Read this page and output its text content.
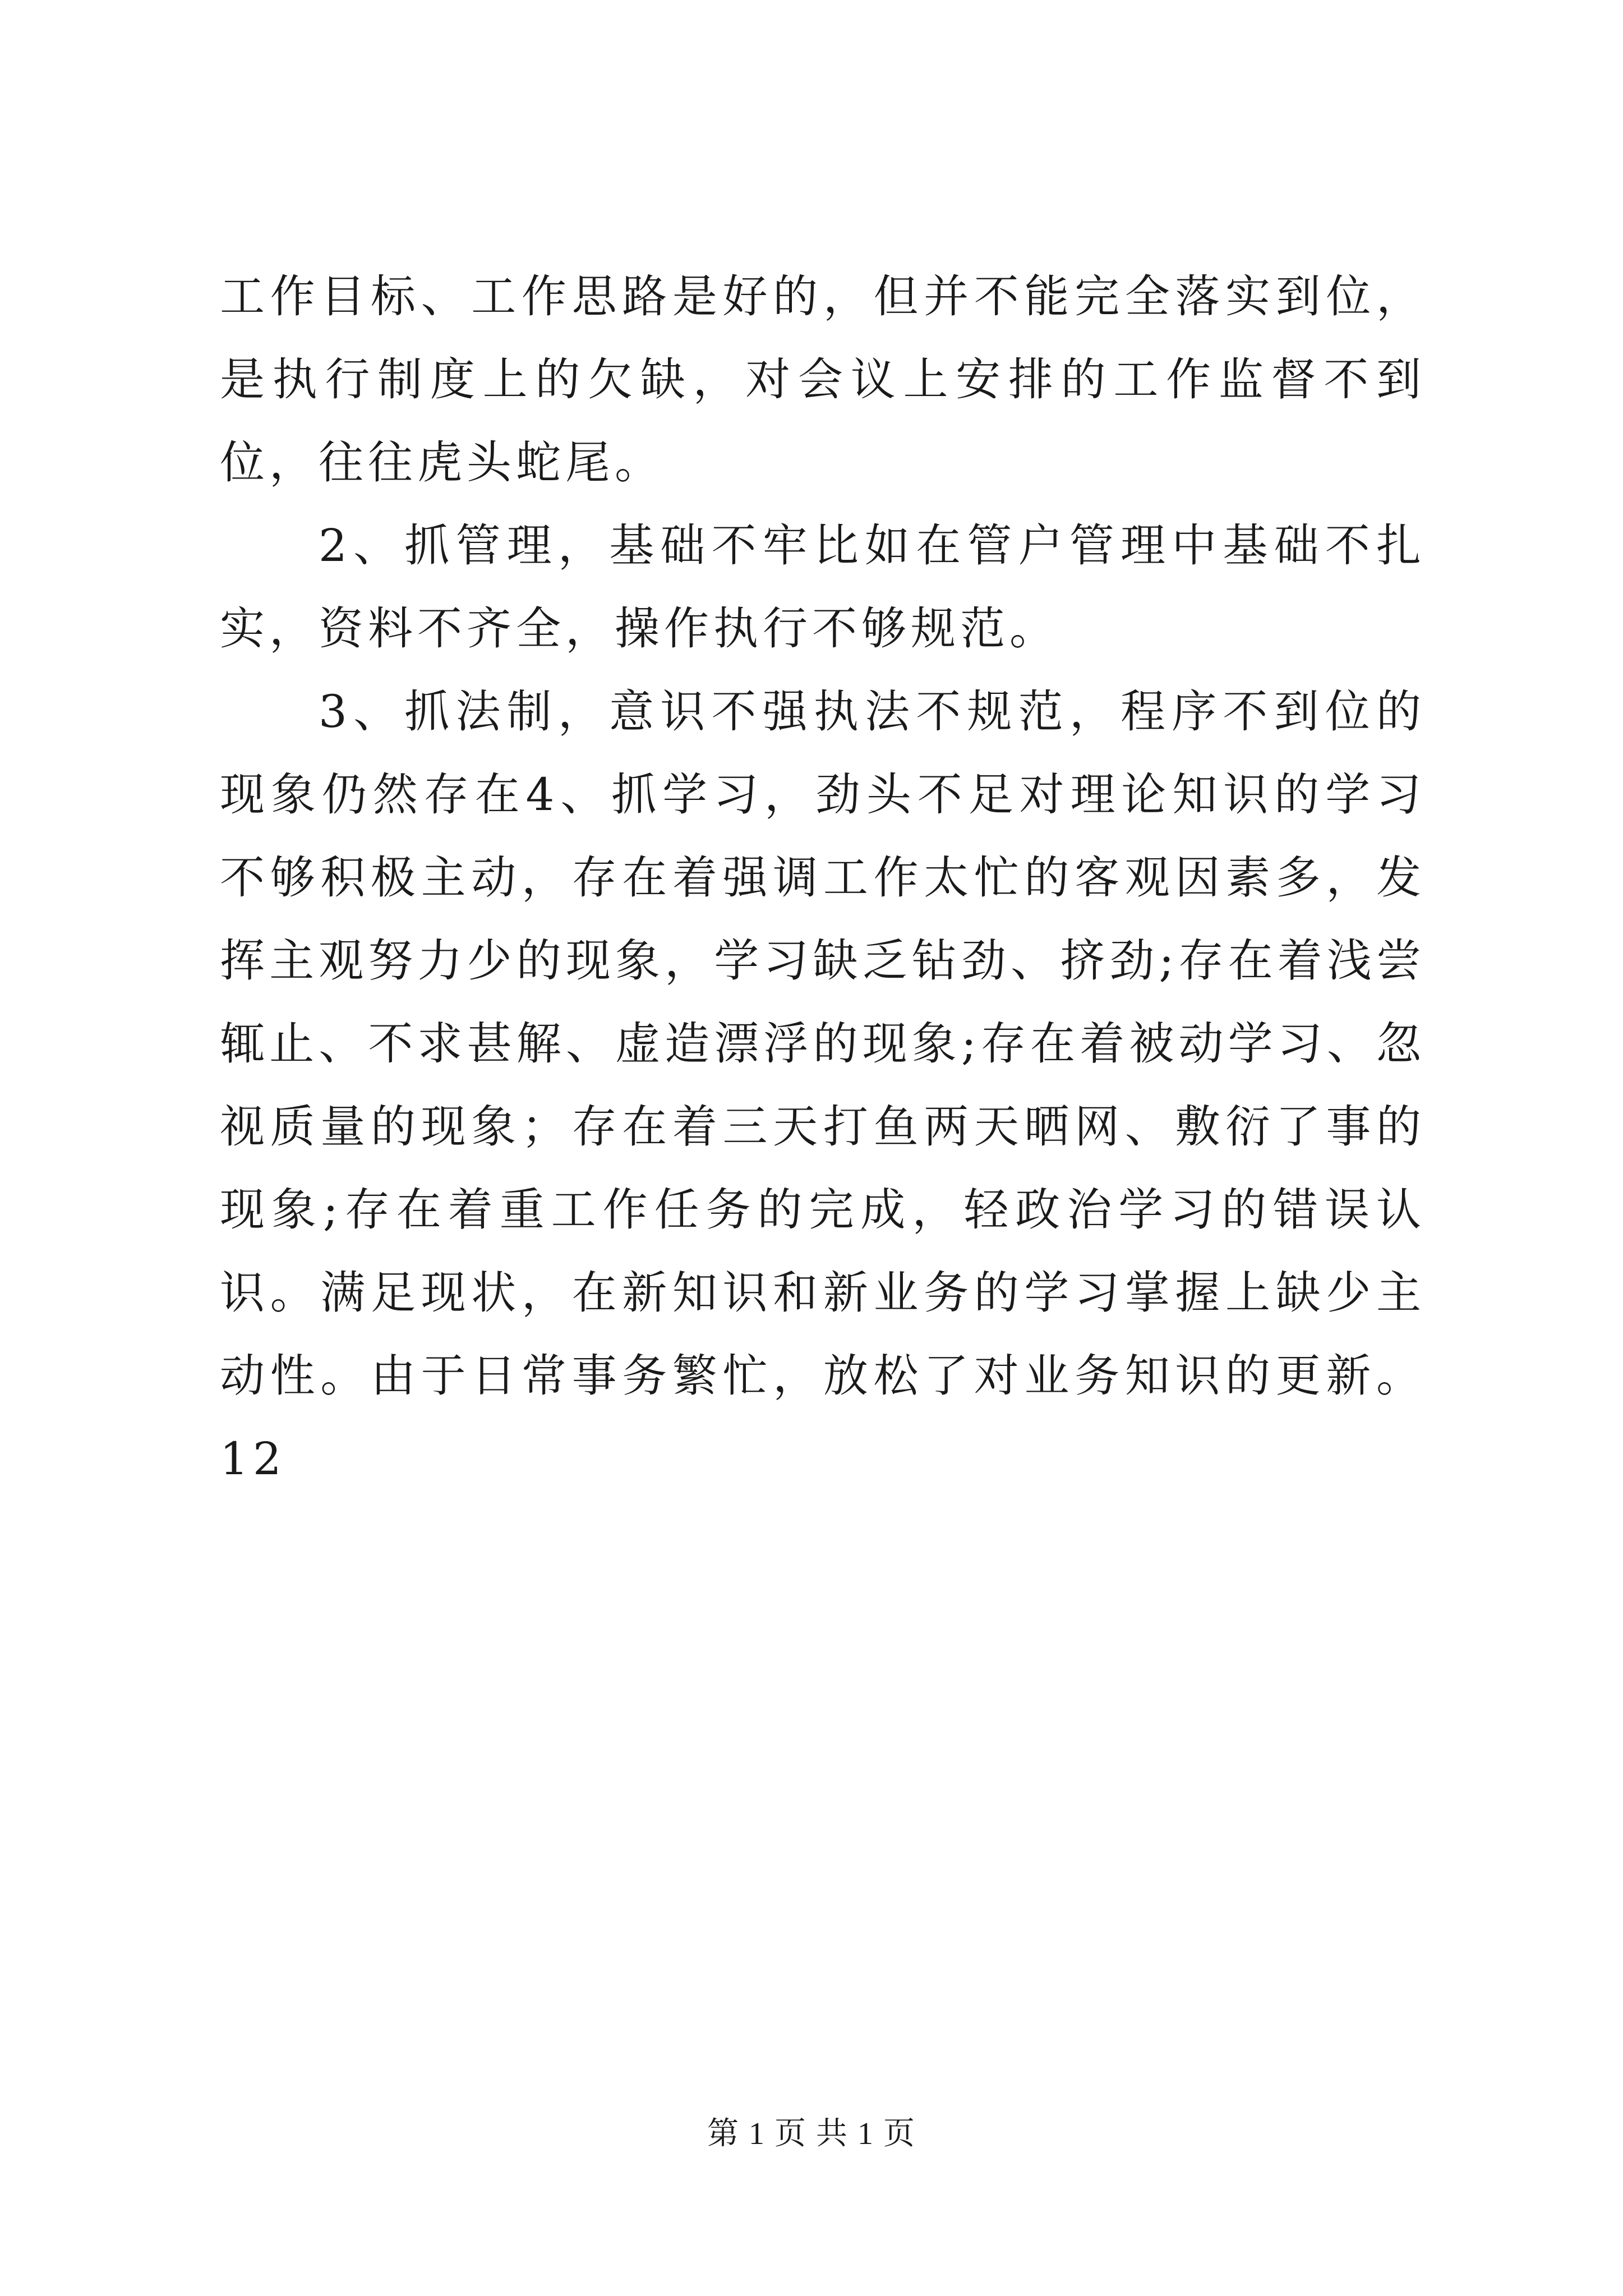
工作目标、工作思路是好的，但并不能完全落实到位，是执行制度上的欠缺，对会议上安排的工作监督不到位，往往虎头蛇尾。

2、抓管理，基础不牢比如在管户管理中基础不扎实，资料不齐全，操作执行不够规范。

3、抓法制，意识不强执法不规范，程序不到位的现象仍然存在4、抓学习，劲头不足对理论知识的学习不够积极主动，存在着强调工作太忙的客观因素多，发挥主观努力少的现象，学习缺乏钻劲、挤劲;存在着浅尝辄止、不求甚解、虚造漂浮的现象;存在着被动学习、忽视质量的现象；存在着三天打鱼两天晒网、敷衍了事的现象;存在着重工作任务的完成，轻政治学习的错误认识。满足现状，在新知识和新业务的学习掌握上缺少主动性。由于日常事务繁忙，放松了对业务知识的更新。12

第 1 页 共 1 页
